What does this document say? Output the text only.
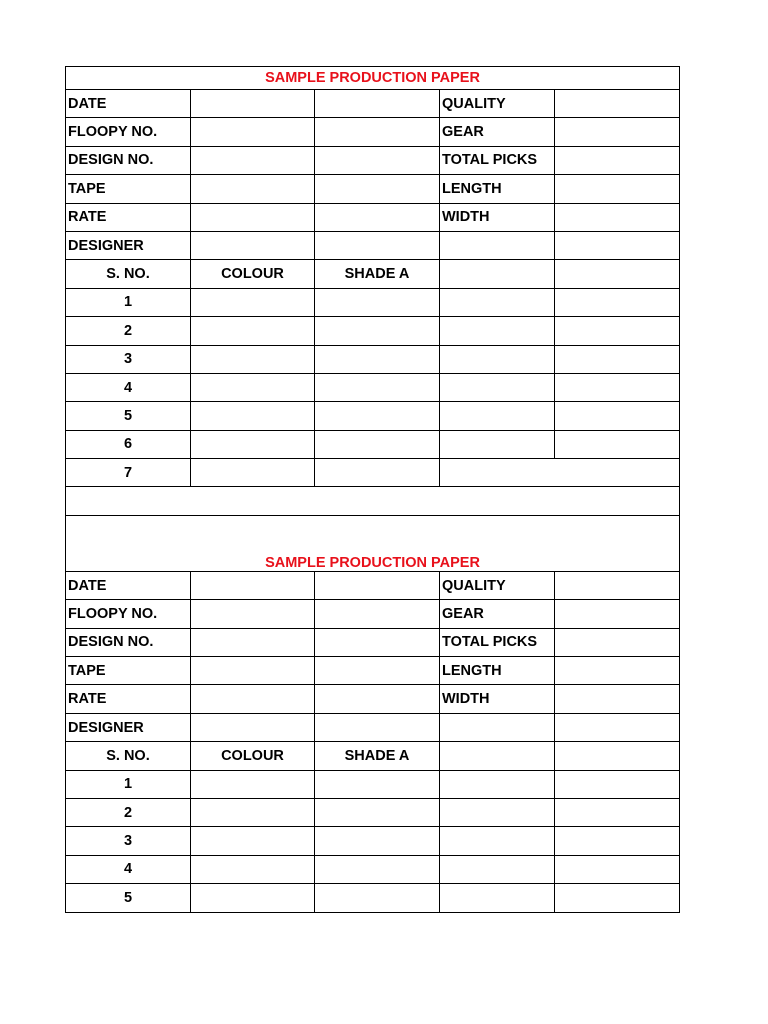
SAMPLE PRODUCTION PAPER				
DATE			QUALITY	
FLOOPY NO.			GEAR	
DESIGN NO.			TOTAL PICKS	
TAPE			LENGTH	
RATE			WIDTH	
DESIGNER				
S. NO.	COLOUR	SHADE A		
1				
2				
3				
4				
5				
6				
7				

SAMPLE PRODUCTION PAPER				
DATE			QUALITY	
FLOOPY NO.			GEAR	
DESIGN NO.			TOTAL PICKS	
TAPE			LENGTH	
RATE			WIDTH	
DESIGNER				
S. NO.	COLOUR	SHADE A		
1				
2				
3				
4				
5				
